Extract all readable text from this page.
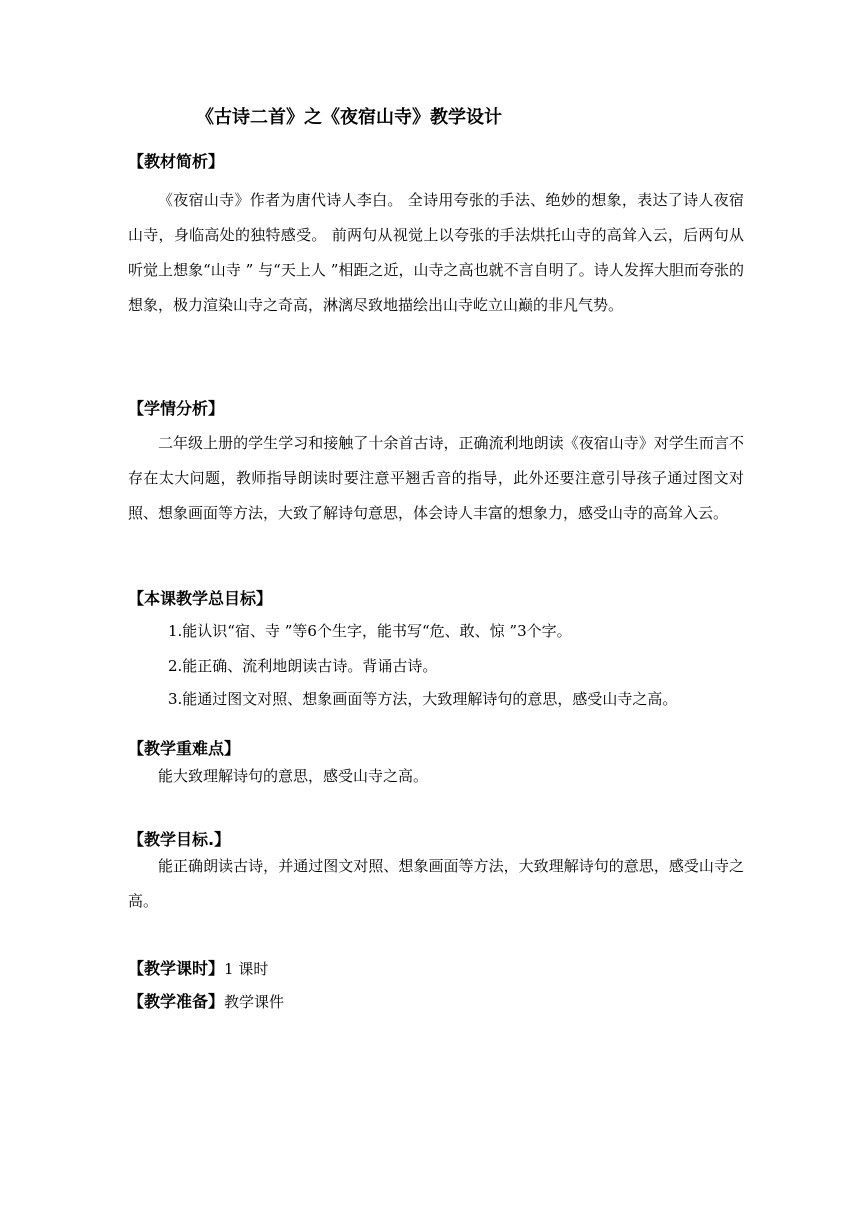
《古诗二首》之《夜宿山寺》教学设计
【教材简析】
《夜宿山寺》作者为唐代诗人李白。 全诗用夸张的手法、绝妙的想象，表达了诗人夜宿山寺，身临高处的独特感受。 前两句从视觉上以夸张的手法烘托山寺的高耸入云，后两句从听觉上想象“山寺 ” 与“天上人 ”相距之近，山寺之高也就不言自明了。诗人发挥大胆而夸张的想象，极力渲染山寺之奇高，淋漓尽致地描绘出山寺屹立山巅的非凡气势。
【学情分析】
二年级上册的学生学习和接触了十余首古诗，正确流利地朗读《夜宿山寺》对学生而言不存在太大问题，教师指导朗读时要注意平翘舌音的指导，此外还要注意引导孩子通过图文对照、想象画面等方法，大致了解诗句意思，体会诗人丰富的想象力，感受山寺的高耸入云。
【本课教学总目标】
1.能认识“宿、寺 ”等6个生字，能书写“危、敢、惊 ”3个字。
2.能正确、流利地朗读古诗。背诵古诗。
3.能通过图文对照、想象画面等方法，大致理解诗句的意思，感受山寺之高。
【教学重难点】
能大致理解诗句的意思，感受山寺之高。
【教学目标.】
能正确朗读古诗，并通过图文对照、想象画面等方法，大致理解诗句的意思，感受山寺之高。
【教学课时】1 课时
【教学准备】教学课件
